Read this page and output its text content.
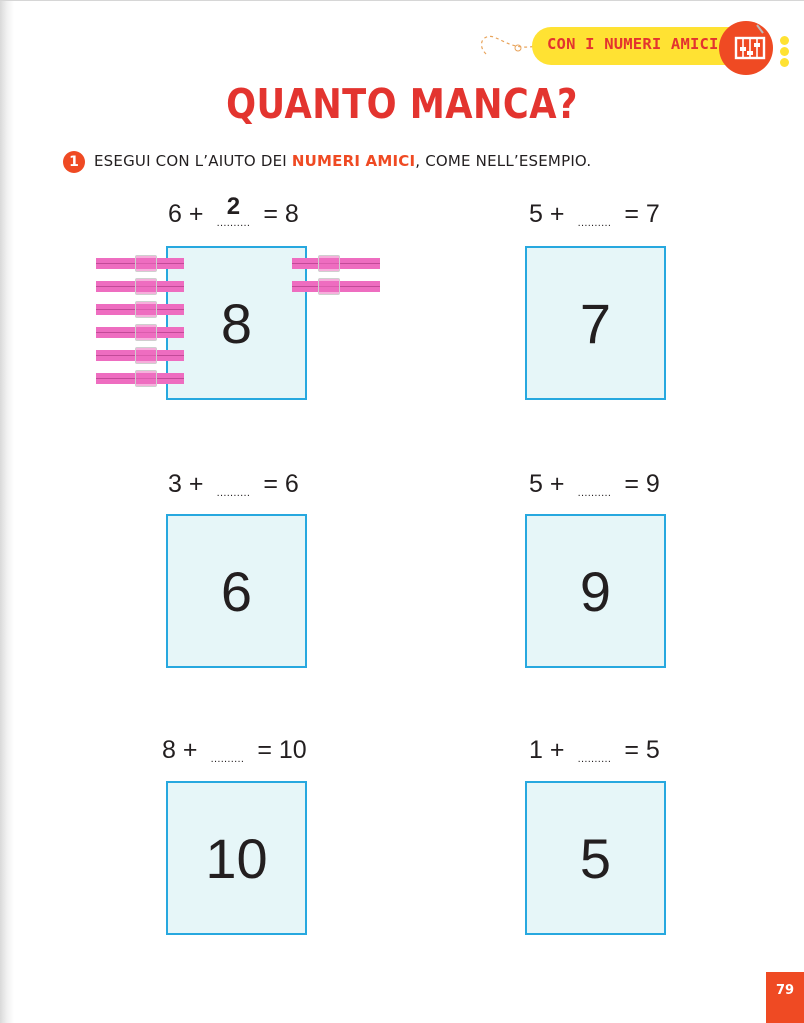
CON I NUMERI AMICI
QUANTO MANCA?
1	ESEGUI CON L’AIUTO DEI NUMERI AMICI, COME NELL’ESEMPIO.
6 + 2
.......... = 8
8
5 +	.......... = 7
7
3 +	.......... = 6
6
5 +	.......... = 9
9
8 +	.......... = 10
10
1 +	.......... = 5
5
79
